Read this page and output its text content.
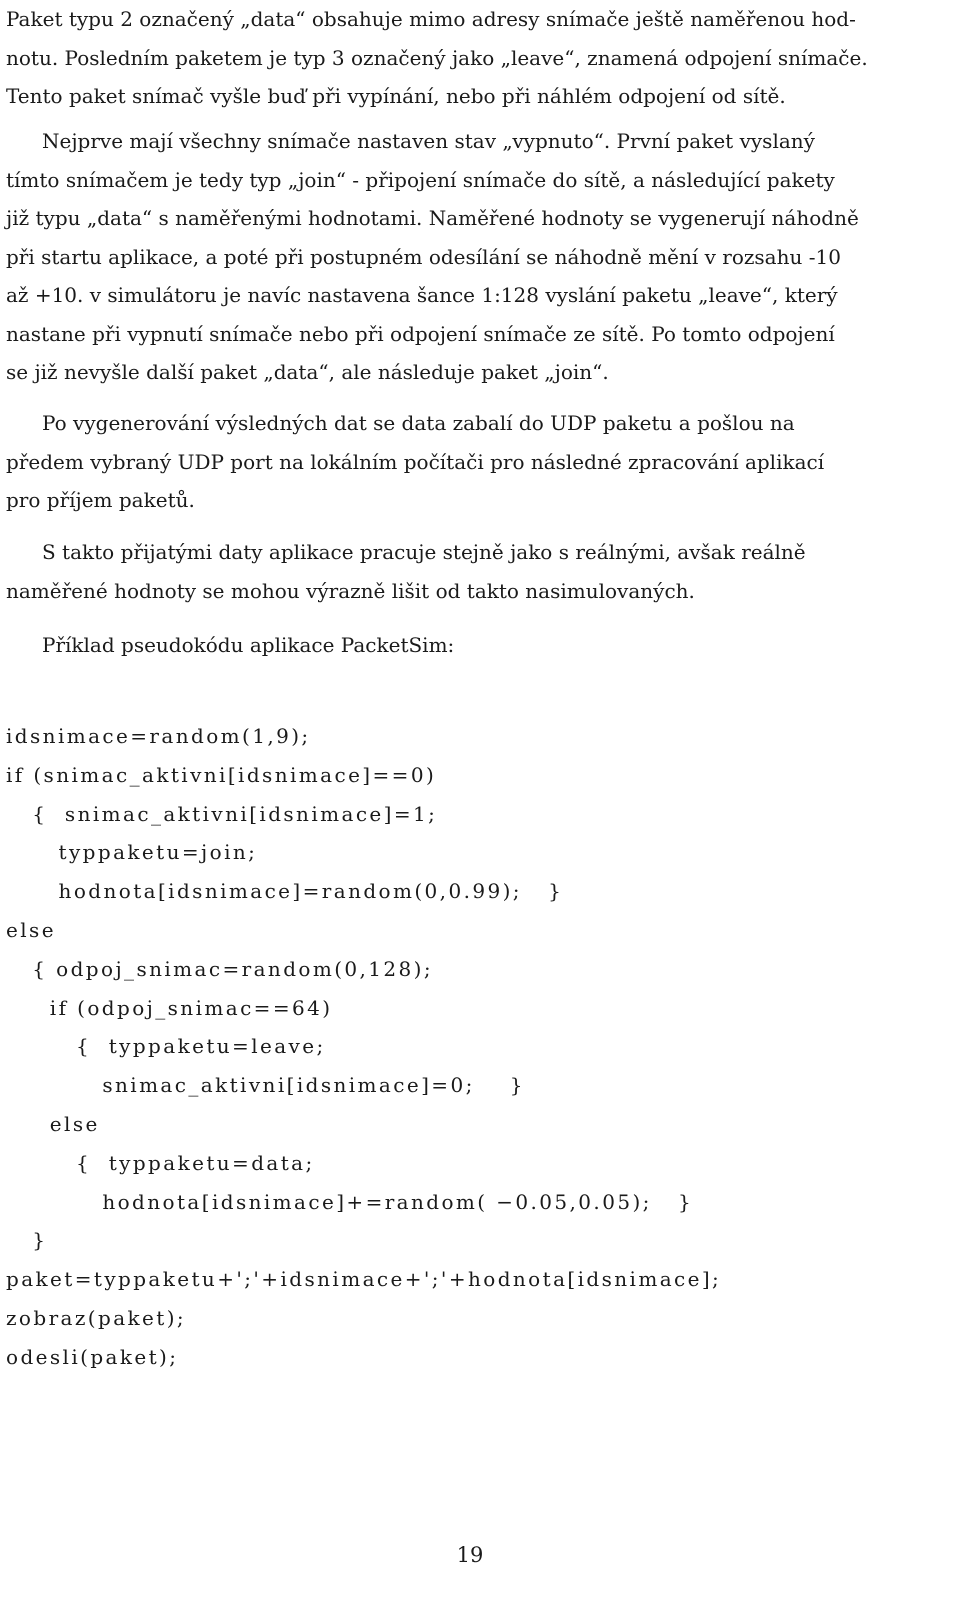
Paket typu 2 označený „data“ obsahuje mimo adresy snímače ještě naměřenou hod-
notu. Posledním paketem je typ 3 označený jako „leave“, znamená odpojení snímače.
Tento paket snímač vyšle buď při vypínání, nebo při náhlém odpojení od sítě.

Nejprve mají všechny snímače nastaven stav „vypnuto“. První paket vyslaný
tímto snímačem je tedy typ „join“ - připojení snímače do sítě, a následující pakety
již typu „data“ s naměřenými hodnotami. Naměřené hodnoty se vygenerují náhodně
při startu aplikace, a poté při postupném odesílání se náhodně mění v rozsahu -10
až +10. v simulátoru je navíc nastavena šance 1:128 vyslání paketu „leave“, který
nastane při vypnutí snímače nebo při odpojení snímače ze sítě. Po tomto odpojení
se již nevyšle další paket „data“, ale následuje paket „join“.

Po vygenerování výsledných dat se data zabalí do UDP paketu a pošlou na
předem vybraný UDP port na lokálním počítači pro následné zpracování aplikací
pro příjem paketů.

S takto přijatými daty aplikace pracuje stejně jako s reálnými, avšak reálně
naměřené hodnoty se mohou výrazně lišit od takto nasimulovaných.

Příklad pseudokódu aplikace PacketSim:

idsnimace=random(1,9);
if (snimac_aktivni[idsnimace]==0)
{  snimac_aktivni[idsnimace]=1;
typpaketu=join;
hodnota[idsnimace]=random(0,0.99);   }
else
{ odpoj_snimac=random(0,128);
if (odpoj_snimac==64)
{  typpaketu=leave;
snimac_aktivni[idsnimace]=0;    }
else
{  typpaketu=data;
hodnota[idsnimace]+=random( −0.05,0.05);   }
}
paket=typpaketu+';'+idsnimace+';'+hodnota[idsnimace];
zobraz(paket);
odesli(paket);
19
